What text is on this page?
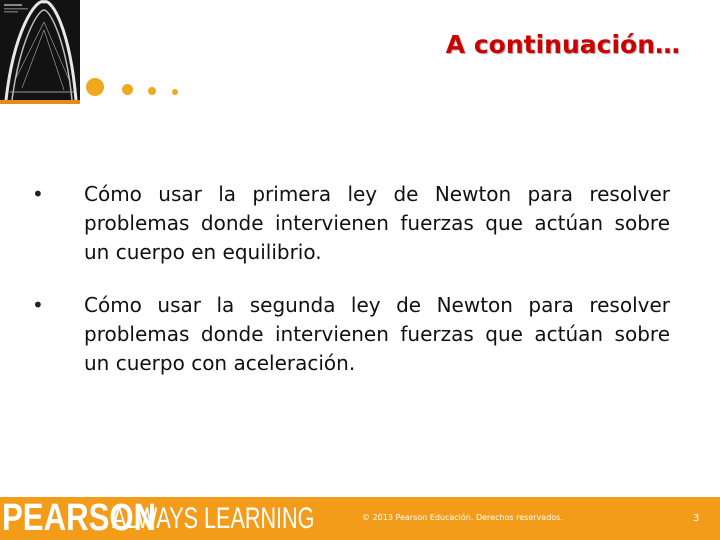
A continuación…
• Cómo usar la primera ley de Newton para resolver problemas donde intervienen fuerzas que actúan sobre un cuerpo en equilibrio.
• Cómo usar la segunda ley de Newton para resolver problemas donde intervienen fuerzas que actúan sobre un cuerpo con aceleración.
PEARSON
ALWAYS LEARNING	© 2013 Pearson Educación. Derechos reservados.	3
